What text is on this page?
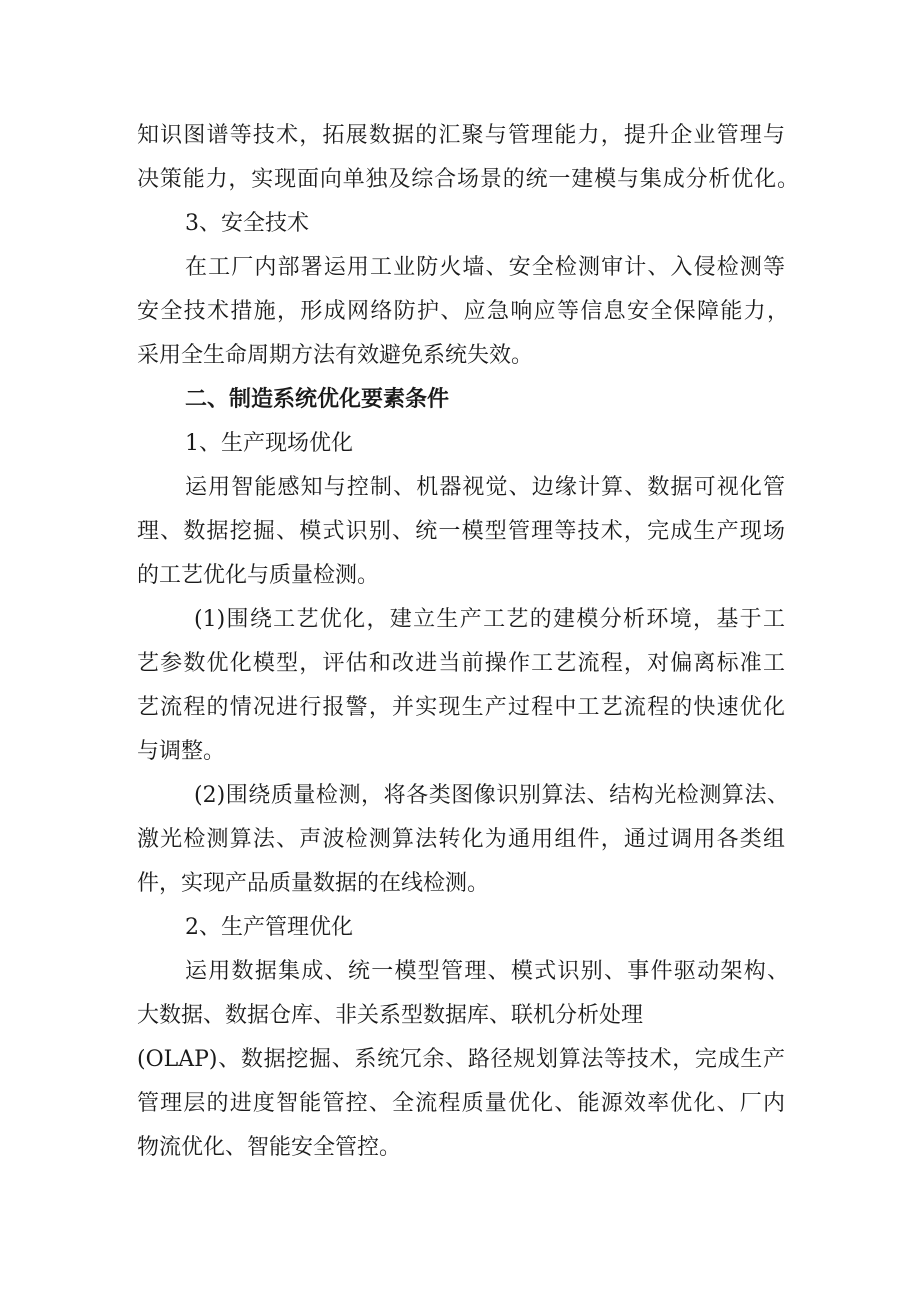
知识图谱等技术，拓展数据的汇聚与管理能力，提升企业管理与
决策能力，实现面向单独及综合场景的统一建模与集成分析优化。
3、安全技术
在工厂内部署运用工业防火墙、安全检测审计、入侵检测等
安全技术措施，形成网络防护、应急响应等信息安全保障能力，
采用全生命周期方法有效避免系统失效。
二、制造系统优化要素条件
1、生产现场优化
运用智能感知与控制、机器视觉、边缘计算、数据可视化管
理、数据挖掘、模式识别、统一模型管理等技术，完成生产现场
的工艺优化与质量检测。
(1)围绕工艺优化，建立生产工艺的建模分析环境，基于工
艺参数优化模型，评估和改进当前操作工艺流程，对偏离标准工
艺流程的情况进行报警，并实现生产过程中工艺流程的快速优化
与调整。
(2)围绕质量检测，将各类图像识别算法、结构光检测算法、
激光检测算法、声波检测算法转化为通用组件，通过调用各类组
件，实现产品质量数据的在线检测。
2、生产管理优化
运用数据集成、统一模型管理、模式识别、事件驱动架构、
大数据、数据仓库、非关系型数据库、联机分析处理
(OLAP)、数据挖掘、系统冗余、路径规划算法等技术，完成生产
管理层的进度智能管控、全流程质量优化、能源效率优化、厂内
物流优化、智能安全管控。
